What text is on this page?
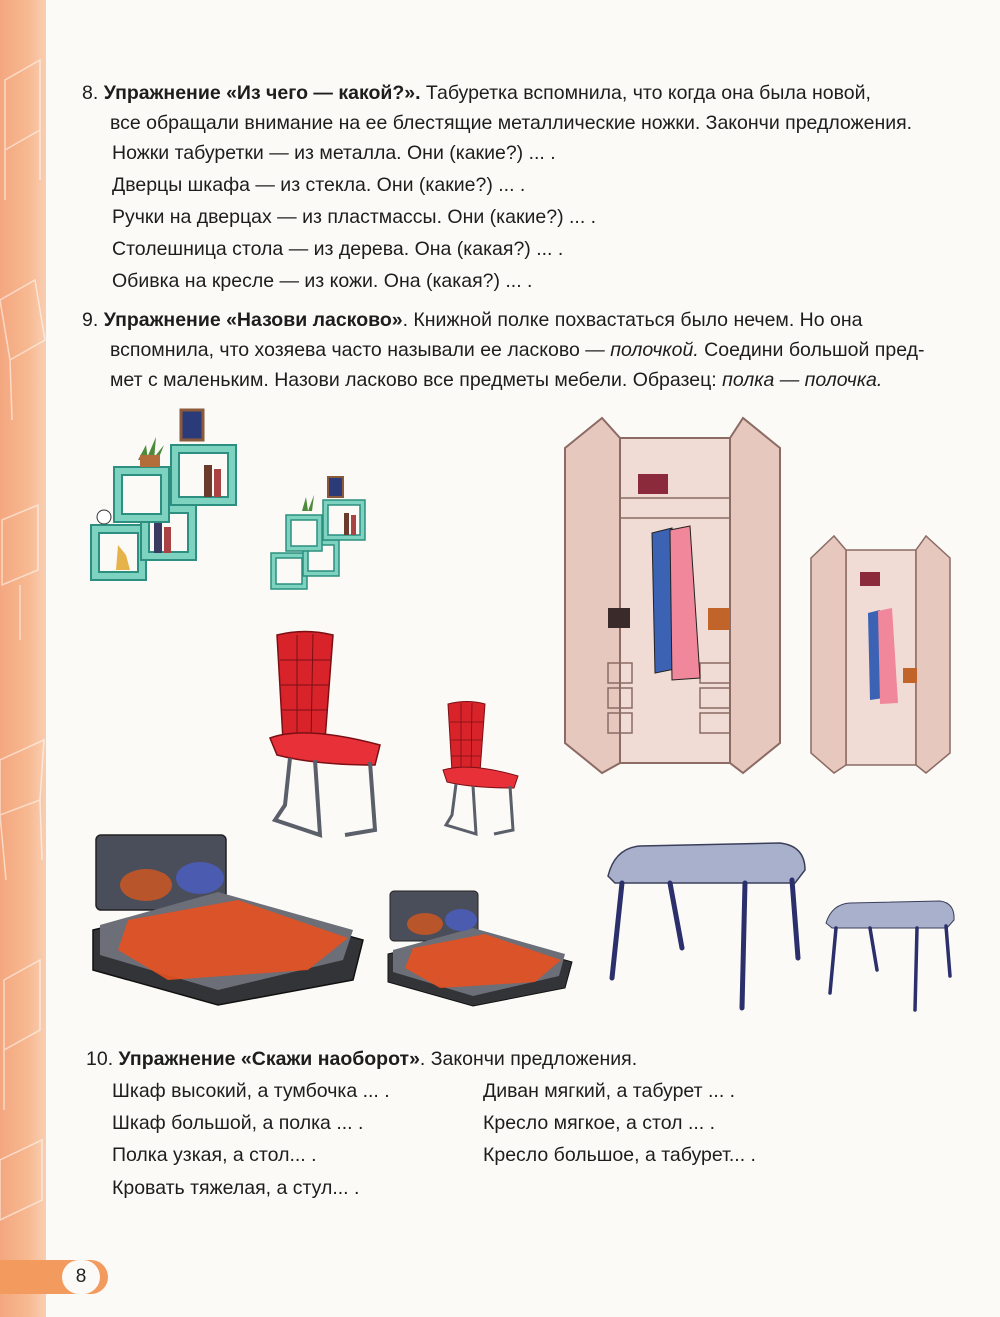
8. Упражнение «Из чего — какой?». Табуретка вспомнила, что когда она была новой,
все обращали внимание на ее блестящие металлические ножки. Закончи предложения.
Ножки табуретки — из металла. Они (какие?) ... .
Дверцы шкафа — из стекла. Они (какие?) ... .
Ручки на дверцах — из пластмассы. Они (какие?) ... .
Столешница стола — из дерева. Она (какая?) ... .
Обивка на кресле — из кожи. Она (какая?) ... .
9. Упражнение «Назови ласково». Книжной полке похвастаться было нечем. Но она
вспомнила, что хозяева часто называли ее ласково — полочкой. Соедини большой пред-
мет с маленьким. Назови ласково все предметы мебели. Образец: полка — полочка.
10. Упражнение «Скажи наоборот». Закончи предложения.
Шкаф высокий, а тумбочка ... .
Шкаф большой, а полка ... .
Полка узкая, а стол... .
Кровать тяжелая, а стул... .
Диван мягкий, а табурет ... .
Кресло мягкое, а стол ... .
Кресло большое, а табурет... .
8
